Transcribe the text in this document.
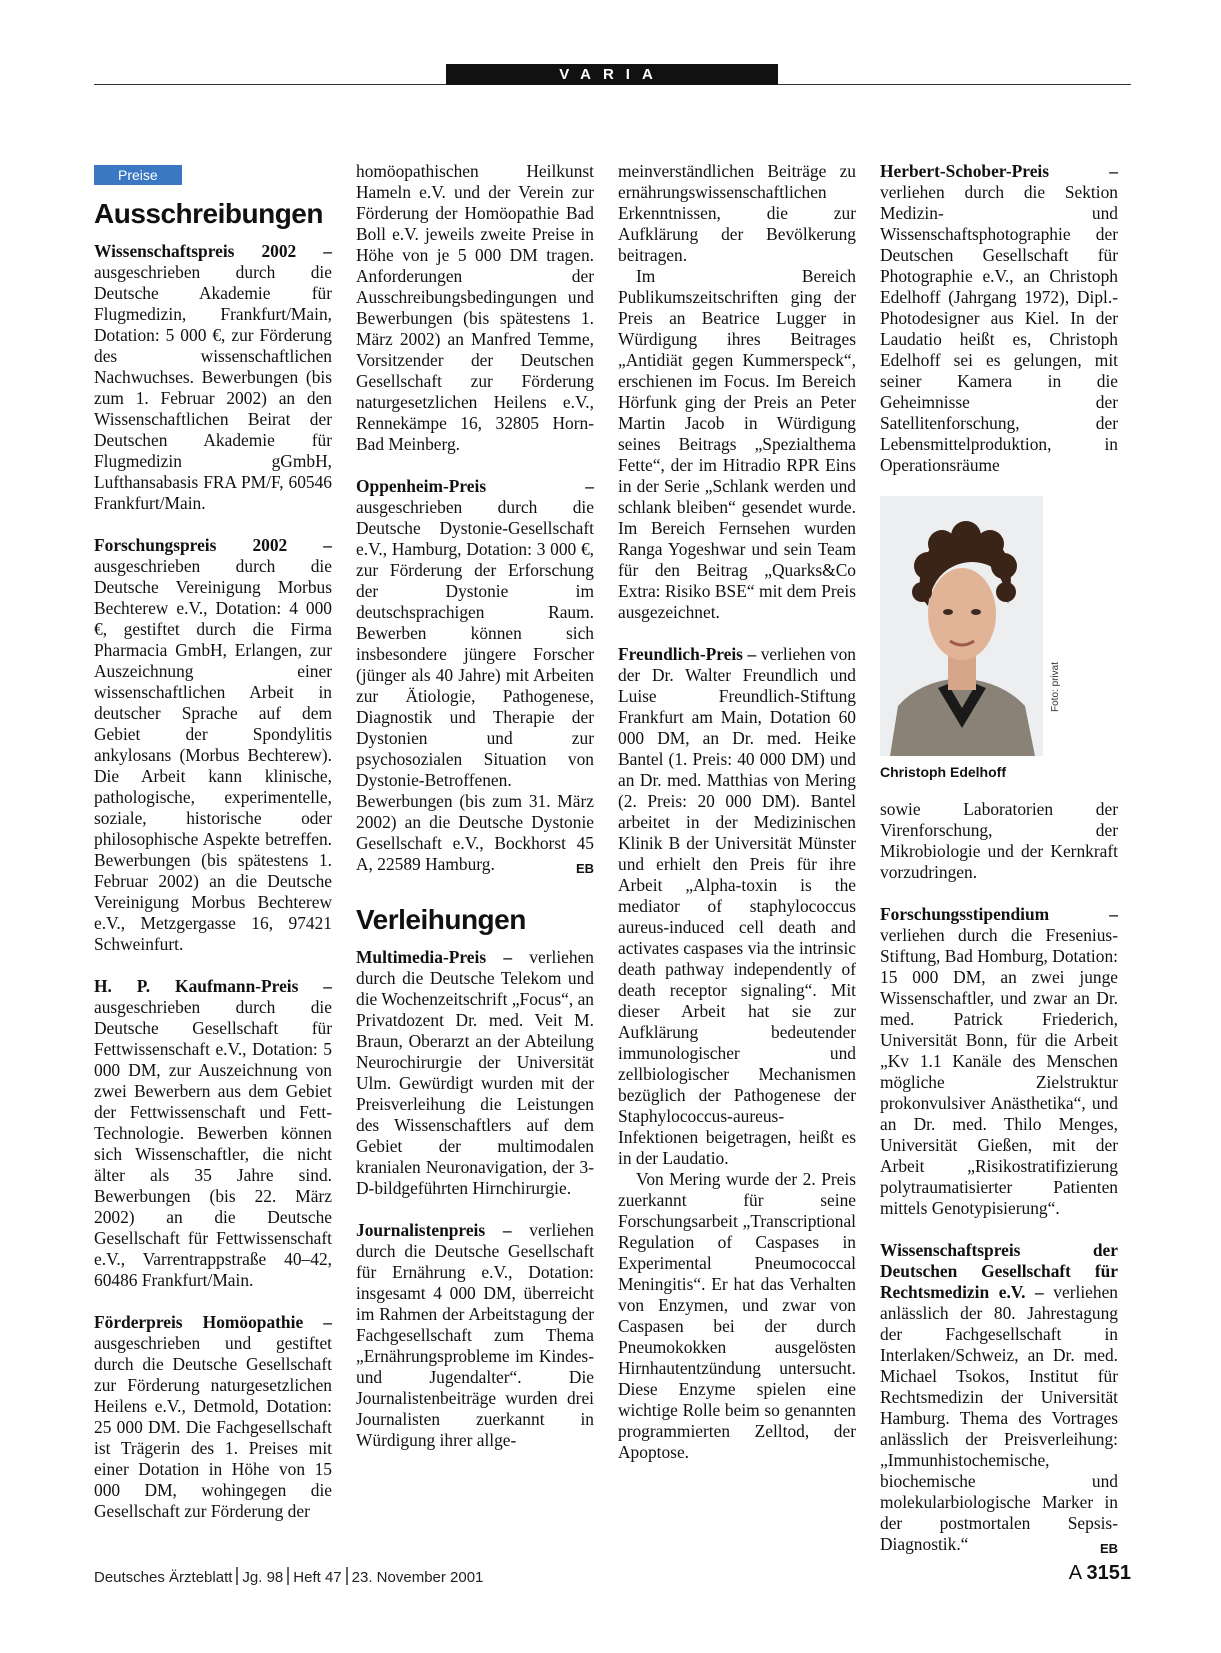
VARIA
Preise
Ausschreibungen

Wissenschaftspreis 2002 – ausgeschrieben durch die Deutsche Akademie für Flugmedizin, Frankfurt/Main, Dotation: 5 000 €, zur Förderung des wissenschaftlichen Nachwuchses. Bewerbungen (bis zum 1. Februar 2002) an den Wissenschaftlichen Beirat der Deutschen Akademie für Flugmedizin gGmbH, Lufthansabasis FRA PM/F, 60546 Frankfurt/Main.

Forschungspreis 2002 – ausgeschrieben durch die Deutsche Vereinigung Morbus Bechterew e.V., Dotation: 4 000 €, gestiftet durch die Firma Pharmacia GmbH, Erlangen, zur Auszeichnung einer wissenschaftlichen Arbeit in deutscher Sprache auf dem Gebiet der Spondylitis ankylosans (Morbus Bechterew). Die Arbeit kann klinische, pathologische, experimentelle, soziale, historische oder philosophische Aspekte betreffen. Bewerbungen (bis spätestens 1. Februar 2002) an die Deutsche Vereinigung Morbus Bechterew e.V., Metzgergasse 16, 97421 Schweinfurt.

H. P. Kaufmann-Preis – ausgeschrieben durch die Deutsche Gesellschaft für Fettwissenschaft e.V., Dotation: 5 000 DM, zur Auszeichnung von zwei Bewerbern aus dem Gebiet der Fettwissenschaft und Fett-Technologie. Bewerben können sich Wissenschaftler, die nicht älter als 35 Jahre sind. Bewerbungen (bis 22. März 2002) an die Deutsche Gesellschaft für Fettwissenschaft e.V., Varrentrappstraße 40–42, 60486 Frankfurt/Main.

Förderpreis Homöopathie – ausgeschrieben und gestiftet durch die Deutsche Gesellschaft zur Förderung naturgesetzlichen Heilens e.V., Detmold, Dotation: 25 000 DM. Die Fachgesellschaft ist Trägerin des 1. Preises mit einer Dotation in Höhe von 15 000 DM, wohingegen die Gesellschaft zur Förderung der

homöopathischen Heilkunst Hameln e.V. und der Verein zur Förderung der Homöopathie Bad Boll e.V. jeweils zweite Preise in Höhe von je 5 000 DM tragen. Anforderungen der Ausschreibungsbedingungen und Bewerbungen (bis spätestens 1. März 2002) an Manfred Temme, Vorsitzender der Deutschen Gesellschaft zur Förderung naturgesetzlichen Heilens e.V., Rennekämpe 16, 32805 Horn-Bad Meinberg.

Oppenheim-Preis – ausgeschrieben durch die Deutsche Dystonie-Gesellschaft e.V., Hamburg, Dotation: 3 000 €, zur Förderung der Erforschung der Dystonie im deutschsprachigen Raum. Bewerben können sich insbesondere jüngere Forscher (jünger als 40 Jahre) mit Arbeiten zur Ätiologie, Pathogenese, Diagnostik und Therapie der Dystonien und zur psychosozialen Situation von Dystonie-Betroffenen. Bewerbungen (bis zum 31. März 2002) an die Deutsche Dystonie Gesellschaft e.V., Bockhorst 45 A, 22589 Hamburg.	EB

Verleihungen

Multimedia-Preis – verliehen durch die Deutsche Telekom und die Wochenzeitschrift „Focus“, an Privatdozent Dr. med. Veit M. Braun, Oberarzt an der Abteilung Neurochirurgie der Universität Ulm. Gewürdigt wurden mit der Preisverleihung die Leistungen des Wissenschaftlers auf dem Gebiet der multimodalen kranialen Neuronavigation, der 3-D-bildgeführten Hirnchirurgie.

Journalistenpreis – verliehen durch die Deutsche Gesellschaft für Ernährung e.V., Dotation: insgesamt 4 000 DM, überreicht im Rahmen der Arbeitstagung der Fachgesellschaft zum Thema „Ernährungsprobleme im Kindes- und Jugendalter“. Die Journalistenbeiträge wurden drei Journalisten zuerkannt in Würdigung ihrer allge-

meinverständlichen Beiträge zu ernährungswissenschaftlichen Erkenntnissen, die zur Aufklärung der Bevölkerung beitragen.

Im Bereich Publikumszeitschriften ging der Preis an Beatrice Lugger in Würdigung ihres Beitrages „Antidiät gegen Kummerspeck“, erschienen im Focus. Im Bereich Hörfunk ging der Preis an Peter Martin Jacob in Würdigung seines Beitrags „Spezialthema Fette“, der im Hitradio RPR Eins in der Serie „Schlank werden und schlank bleiben“ gesendet wurde. Im Bereich Fernsehen wurden Ranga Yogeshwar und sein Team für den Beitrag „Quarks&Co Extra: Risiko BSE“ mit dem Preis ausgezeichnet.

Freundlich-Preis – verliehen von der Dr. Walter Freundlich und Luise Freundlich-Stiftung Frankfurt am Main, Dotation 60 000 DM, an Dr. med. Heike Bantel (1. Preis: 40 000 DM) und an Dr. med. Matthias von Mering (2. Preis: 20 000 DM). Bantel arbeitet in der Medizinischen Klinik B der Universität Münster und erhielt den Preis für ihre Arbeit „Alpha-toxin is the mediator of staphylococcus aureus-induced cell death and activates caspases via the intrinsic death pathway independently of death receptor signaling“. Mit dieser Arbeit hat sie zur Aufklärung bedeutender immunologischer und zellbiologischer Mechanismen bezüglich der Pathogenese der Staphylococcus-aureus-Infektionen beigetragen, heißt es in der Laudatio.

Von Mering wurde der 2. Preis zuerkannt für seine Forschungsarbeit „Transcriptional Regulation of Caspases in Experimental Pneumococcal Meningitis“. Er hat das Verhalten von Enzymen, und zwar von Caspasen bei der durch Pneumokokken ausgelösten Hirnhautentzündung untersucht. Diese Enzyme spielen eine wichtige Rolle beim so genannten programmierten Zelltod, der Apoptose.

Herbert-Schober-Preis – verliehen durch die Sektion Medizin- und Wissenschaftsphotographie der Deutschen Gesellschaft für Photographie e.V., an Christoph Edelhoff (Jahrgang 1972), Dipl.-Photodesigner aus Kiel. In der Laudatio heißt es, Christoph Edelhoff sei es gelungen, mit seiner Kamera in die Geheimnisse der Satellitenforschung, der Lebensmittelproduktion, in Operationsräume

Christoph Edelhoff

sowie Laboratorien der Virenforschung, der Mikrobiologie und der Kernkraft vorzudringen.

Forschungsstipendium – verliehen durch die Fresenius-Stiftung, Bad Homburg, Dotation: 15 000 DM, an zwei junge Wissenschaftler, und zwar an Dr. med. Patrick Friederich, Universität Bonn, für die Arbeit „Kv 1.1 Kanäle des Menschen mögliche Zielstruktur prokonvulsiver Anästhetika“, und an Dr. med. Thilo Menges, Universität Gießen, mit der Arbeit „Risikostratifizierung polytraumatisierter Patienten mittels Genotypisierung“.

Wissenschaftspreis der Deutschen Gesellschaft für Rechtsmedizin e.V. – verliehen anlässlich der 80. Jahrestagung der Fachgesellschaft in Interlaken/Schweiz, an Dr. med. Michael Tsokos, Institut für Rechtsmedizin der Universität Hamburg. Thema des Vortrages anlässlich der Preisverleihung: „Immunhistochemische, biochemische und molekularbiologische Marker in der postmortalen Sepsis-Diagnostik.“	EB

Foto: privat
Deutsches Ärzteblatt Jg. 98 Heft 47 23. November 2001	A 3151
